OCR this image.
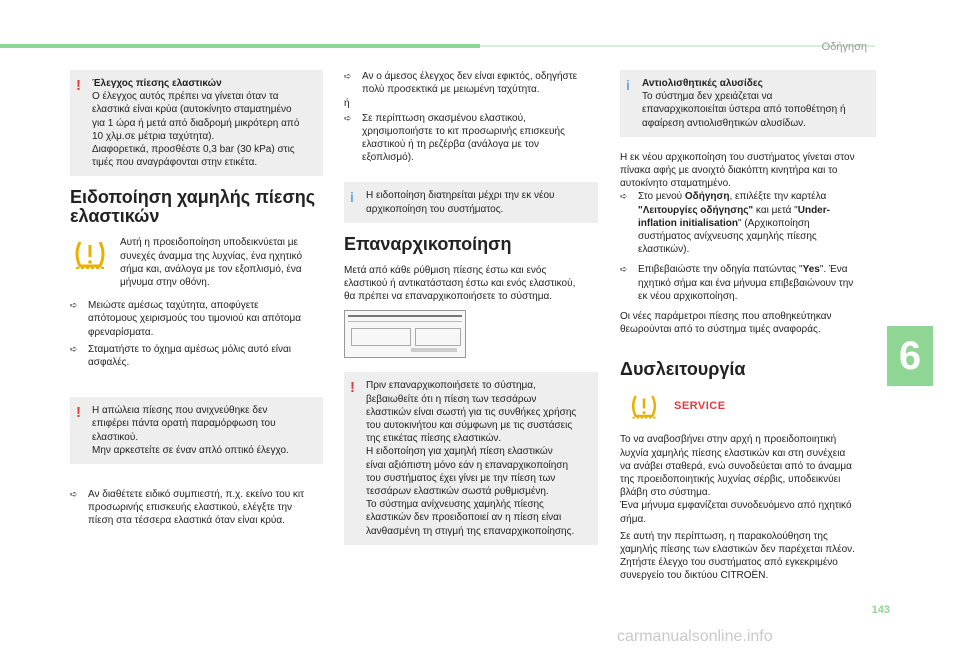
Οδήγηση
! Έλεγχος πίεσης ελαστικών

Ο έλεγχος αυτός πρέπει να γίνεται όταν τα

ελαστικά είναι κρύα (αυτοκίνητο σταματημένο

για 1 ώρα ή μετά από διαδρομή μικρότερη από

10 χλμ.σε μέτρια ταχύτητα).

Διαφορετικά, προσθέστε 0,3 bar (30 kPa) στις

τιμές που αναγράφονται στην ετικέτα.

Ειδοποίηση χαμηλής πίεσης
ελαστικών

Αυτή η προειδοποίηση υποδεικνύεται με

συνεχές άναμμα της λυχνίας, ένα ηχητικό

σήμα και, ανάλογα με τον εξοπλισμό, ένα

μήνυμα στην οθόνη.

➪ Μειώστε αμέσως ταχύτητα, αποφύγετε
απότομους χειρισμούς του τιμονιού και απότομα
φρεναρίσματα.
➪ Σταματήστε το όχημα αμέσως μόλις αυτό είναι
ασφαλές.
! Η απώλεια πίεσης που ανιχνεύθηκε δεν

επιφέρει πάντα ορατή παραμόρφωση του

ελαστικού.

Μην αρκεστείτε σε έναν απλό οπτικό έλεγχο.

➪ Αν διαθέτετε ειδικό συμπιεστή, π.χ. εκείνο του κιτ
προσωρινής επισκευής ελαστικού, ελέγξτε την
πίεση στα τέσσερα ελαστικά όταν είναι κρύα.
➪ Αν ο άμεσος έλεγχος δεν είναι εφικτός, οδηγήστε
πολύ προσεκτικά με μειωμένη ταχύτητα.

ή

➪ Σε περίπτωση σκασμένου ελαστικού,
χρησιμοποιήστε το κιτ προσωρινής επισκευής
ελαστικού ή τη ρεζέρβα (ανάλογα με τον
εξοπλισμό).
i Η ειδοποίηση διατηρείται μέχρι την εκ νέου

αρχικοποίηση του συστήματος.

Επαναρχικοποίηση
Μετά από κάθε ρύθμιση πίεσης έστω και ενός
ελαστικού ή αντικατάσταση έστω και ενός ελαστικού,
θα πρέπει να επαναρχικοποιήσετε το σύστημα.
! Πριν επαναρχικοποιήσετε το σύστημα,

βεβαιωθείτε ότι η πίεση των τεσσάρων

ελαστικών είναι σωστή για τις συνθήκες χρήσης

του αυτοκινήτου και σύμφωνη με τις συστάσεις

της ετικέτας πίεσης ελαστικών.

Η ειδοποίηση για χαμηλή πίεση ελαστικών

είναι αξιόπιστη μόνο εάν η επαναρχικοποίηση

του συστήματος έχει γίνει με την πίεση των

τεσσάρων ελαστικών σωστά ρυθμισμένη.

Το σύστημα ανίχνευσης χαμηλής πίεσης

ελαστικών δεν προειδοποιεί αν η πίεση είναι

λανθασμένη τη στιγμή της επαναρχικοποίησης.

i Αντιολισθητικές αλυσίδες

Το σύστημα δεν χρειάζεται να

επαναρχικοποιείται ύστερα από τοποθέτηση ή

αφαίρεση αντιολισθητικών αλυσίδων.

Η εκ νέου αρχικοποίηση του συστήματος γίνεται στον
πίνακα αφής με ανοιχτό διακόπτη κινητήρα και το
αυτοκίνητο σταματημένο.
➪ Στο μενού Οδήγηση, επιλέξτε την καρτέλα
"Λειτουργίες οδήγησης" και μετά "Under-
inflation initialisation" (Αρχικοποίηση
συστήματος ανίχνευσης χαμηλής πίεσης
ελαστικών).
➪ Επιβεβαιώστε την οδηγία πατώντας "Yes". Ένα
ηχητικό σήμα και ένα μήνυμα επιβεβαιώνουν την
εκ νέου αρχικοποίηση.
Οι νέες παράμετροι πίεσης που αποθηκεύτηκαν
θεωρούνται από το σύστημα τιμές αναφοράς.
Δυσλειτουργία
SERVICE
Το να αναβοσβήνει στην αρχή η προειδοποιητική
λυχνία χαμηλής πίεσης ελαστικών και στη συνέχεια
να ανάβει σταθερά, ενώ συνοδεύεται από το άναμμα
της προειδοποιητικής λυχνίας σέρβις, υποδεικνύει
βλάβη στο σύστημα.
Ένα μήνυμα εμφανίζεται συνοδευόμενο από ηχητικό
σήμα.
Σε αυτή την περίπτωση, η παρακολούθηση της
χαμηλής πίεσης των ελαστικών δεν παρέχεται πλέον.
Ζητήστε έλεγχο του συστήματος από εγκεκριμένο
συνεργείο του δικτύου CITROËN.
6
143
carmanualsonline.info
